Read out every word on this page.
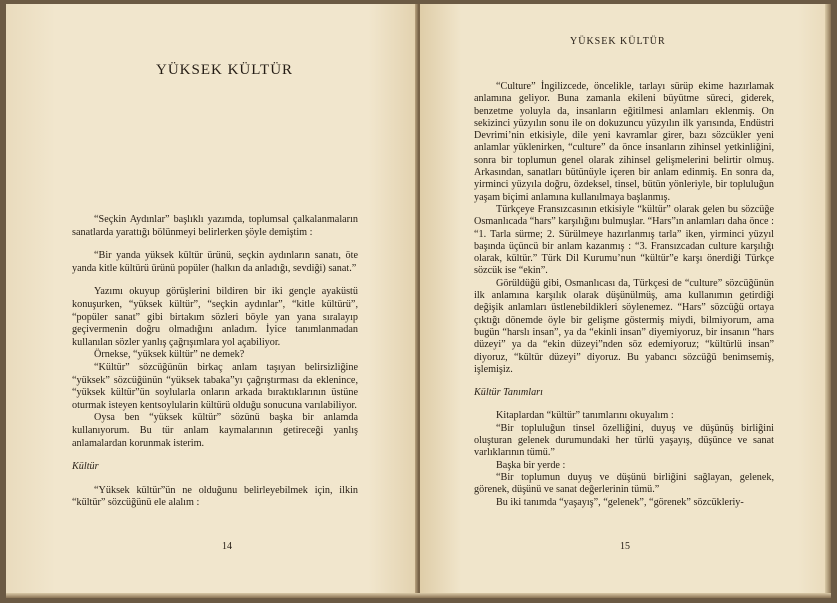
YÜKSEK KÜLTÜR

“Seçkin Aydınlar” başlıklı yazımda, toplumsal çalkalanmaların sanatlarda yarattığı bölünmeyi belirlerken şöyle demiştim :

“Bir yanda yüksek kültür ürünü, seçkin aydınların sanatı, öte yanda kitle kültürü ürünü popüler (halkın da anladığı, sevdiği) sanat.”

Yazımı okuyup görüşlerini bildiren bir iki gençle ayaküstü konuşurken, “yüksek kültür”, “seçkin aydınlar”, “kitle kültürü”, “popüler sanat” gibi birtakım sözleri böyle yan yana sıralayıp geçivermenin doğru olmadığını anladım. İyice tanımlanmadan kullanılan sözler yanlış çağrışımlara yol açabiliyor.

Örnekse, “yüksek kültür” ne demek?

“Kültür” sözcüğünün birkaç anlam taşıyan belirsizliğine “yüksek” sözcüğünün “yüksek tabaka”yı çağrıştırması da eklenince, “yüksek kültür”ün soylularla onların arkada bıraktıklarının üstüne oturmak isteyen kentsoylularin kültürü olduğu sonucuna varılabiliyor.

Oysa ben “yüksek kültür” sözünü başka bir anlamda kullanıyorum. Bu tür anlam kaymalarının getireceği yanlış anlamalardan korunmak isterim.

Kültür

“Yüksek kültür”ün ne olduğunu belirleyebilmek için, ilkin “kültür” sözcüğünü ele alalım :

14
YÜKSEK KÜLTÜR

“Culture” İngilizcede, öncelikle, tarlayı sürüp ekime hazırlamak anlamına geliyor. Buna zamanla ekileni büyütme süreci, giderek, benzetme yoluyla da, insanların eğitilmesi anlamları eklenmiş. On sekizinci yüzyılın sonu ile on dokuzuncu yüzyılın ilk yarısında, Endüstri Devrimi’nin etkisiyle, dile yeni kavramlar girer, bazı sözcükler yeni anlamlar yüklenirken, “culture” da önce insanların zihinsel yetkinliğini, sonra bir toplumun genel olarak zihinsel gelişmelerini belirtir olmuş. Arkasından, sanatları bütünüyle içeren bir anlam edinmiş. En sonra da, yirminci yüzyıla doğru, özdeksel, tinsel, bütün yönleriyle, bir topluluğun yaşam biçimi anlamına kullanılmaya başlanmış.

Türkçeye Fransızcasının etkisiyle “kültür” olarak gelen bu sözcüğe Osmanlıcada “hars” karşılığını bulmuşlar. “Hars”ın anlamları daha önce : “1. Tarla sürme; 2. Sürülmeye hazırlanmış tarla” iken, yirminci yüzyıl başında üçüncü bir anlam kazanmış : “3. Fransızcadan culture karşılığı olarak, kültür.” Türk Dil Kurumu’nun “kültür”e karşı önerdiği Türkçe sözcük ise “ekin”.

Görüldüğü gibi, Osmanlıcası da, Türkçesi de “culture” sözcüğünün ilk anlamına karşılık olarak düşünülmüş, ama kullanımın getirdiği değişik anlamları üstlenebildikleri söylenemez. “Hars” sözcüğü ortaya çıktığı dönemde öyle bir gelişme göstermiş miydi, bilmiyorum, ama bugün “harslı insan”, ya da “ekinli insan” diyemiyoruz, bir insanın “hars düzeyi” ya da “ekin düzeyi”nden söz edemiyoruz; “kültürlü insan” diyoruz, “kültür düzeyi” diyoruz. Bu yabancı sözcüğü benimsemiş, işlemişiz.

Kültür Tanımları

Kitaplardan “kültür” tanımlarını okuyalım :

“Bir topluluğun tinsel özelliğini, duyuş ve düşünüş birliğini oluşturan gelenek durumundaki her türlü yaşayış, düşünce ve sanat varlıklarının tümü.”

Başka bir yerde :

“Bir toplumun duyuş ve düşünü birliğini sağlayan, gelenek, görenek, düşünü ve sanat değerlerinin tümü.”

Bu iki tanımda “yaşayış”, “gelenek”, “görenek” sözcükleriy-

15
